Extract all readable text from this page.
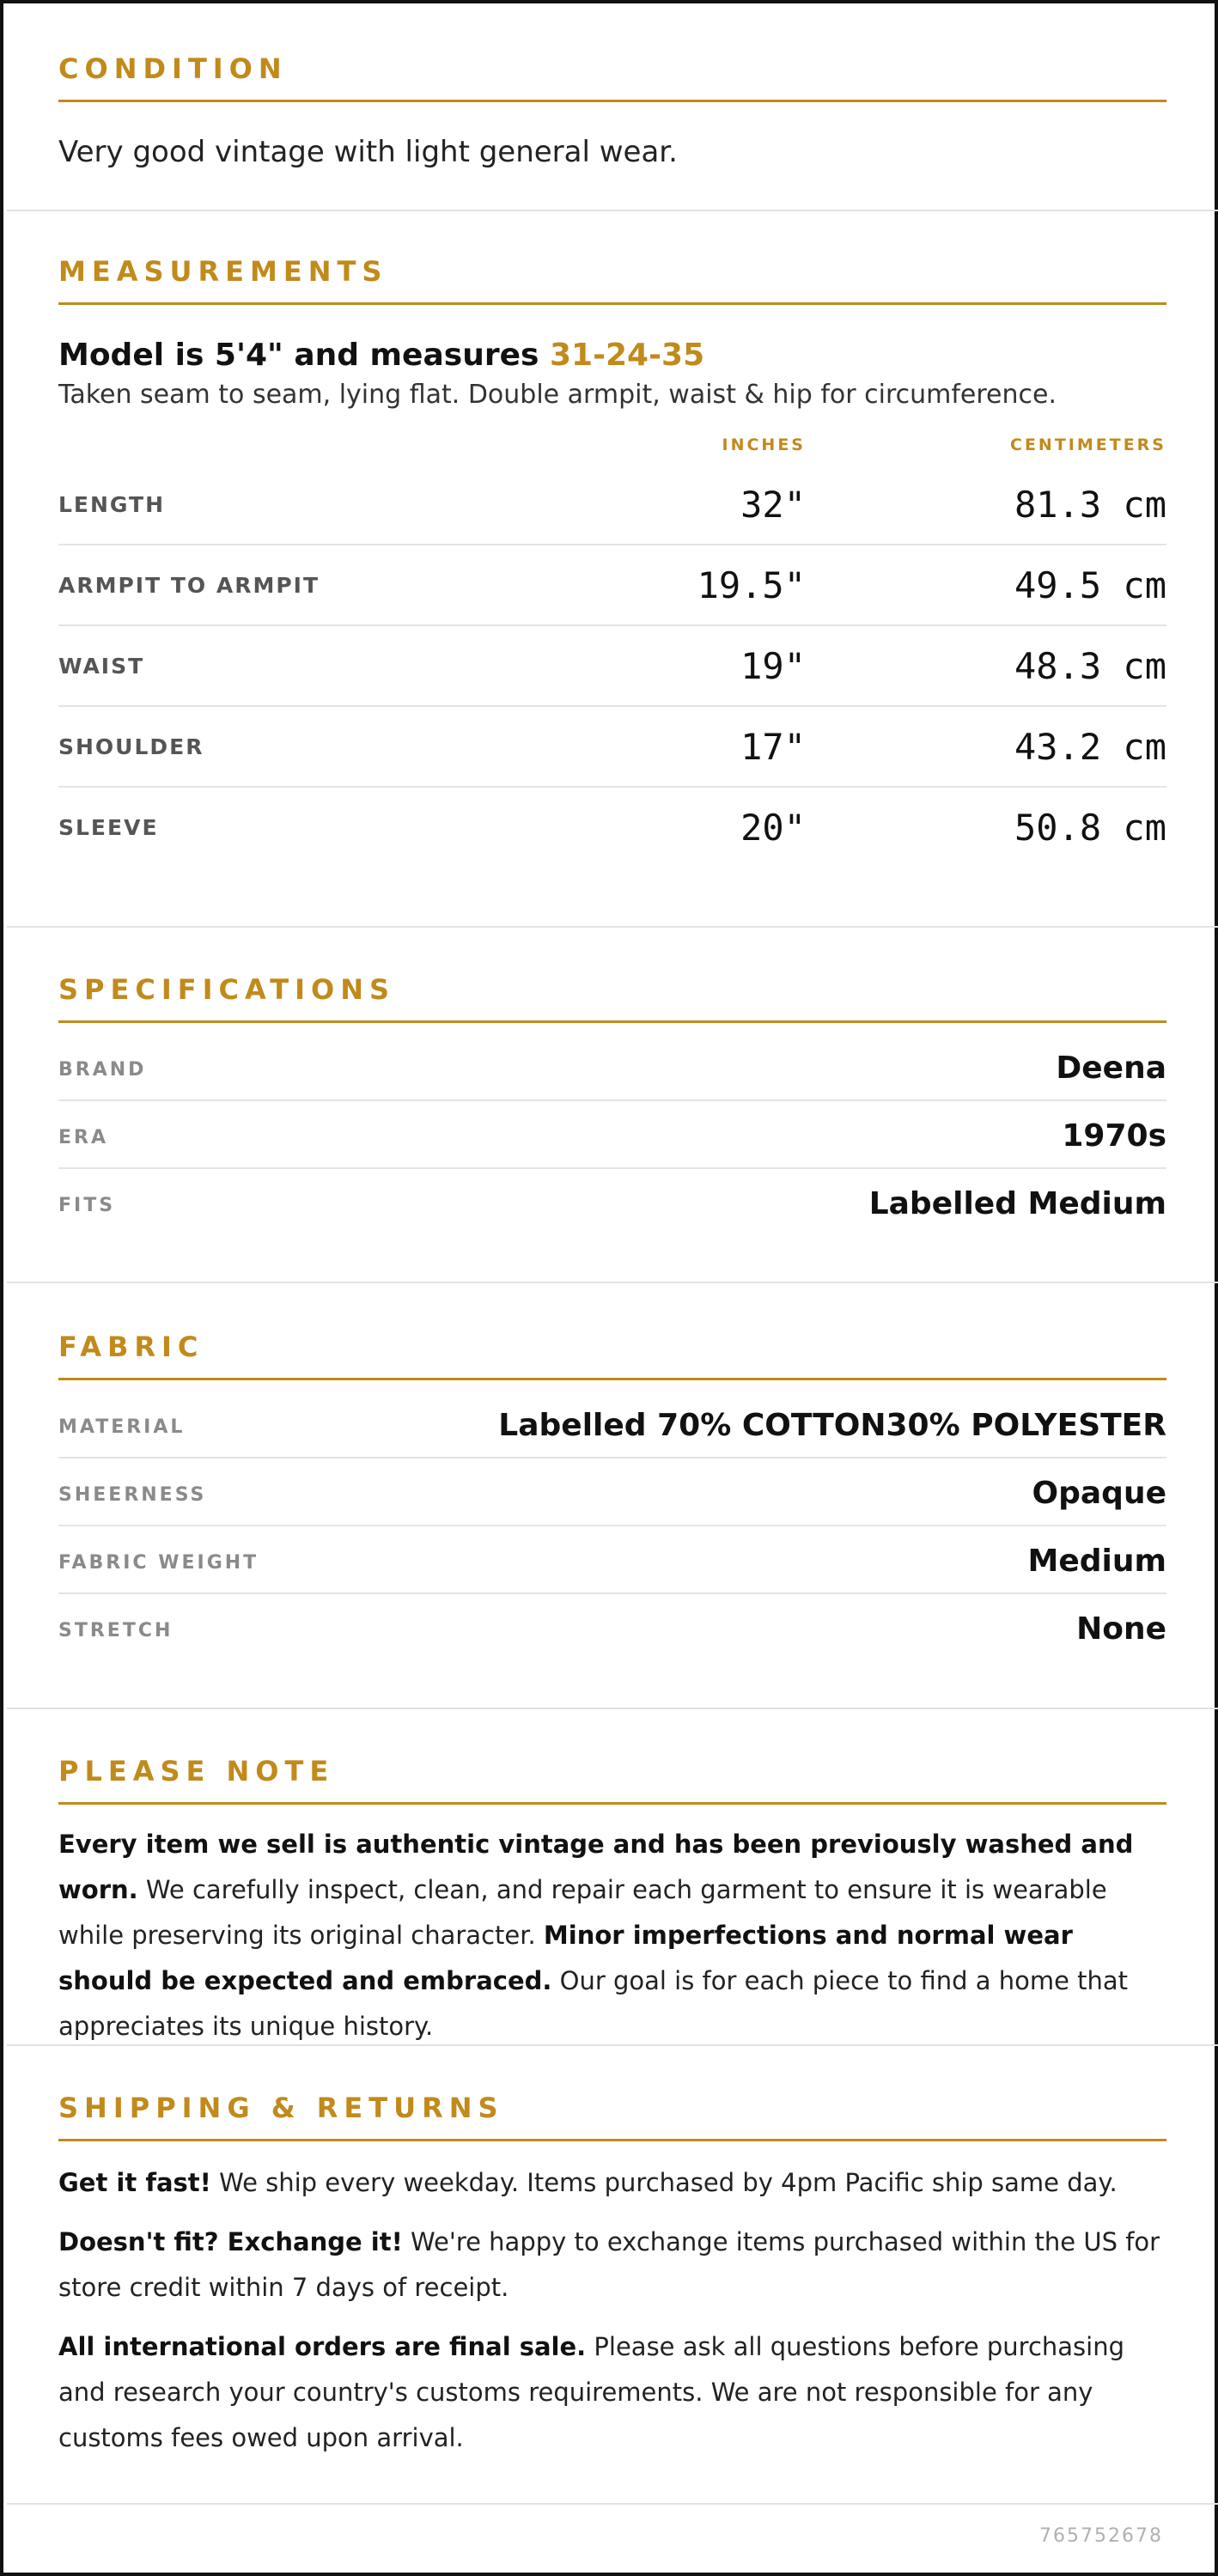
CONDITION
Very good vintage with light general wear.
MEASUREMENTS
Model is 5'4" and measures 31-24-35
Taken seam to seam, lying flat. Double armpit, waist & hip for circumference.
INCHES	CENTIMETERS
LENGTH	32"	81.3 cm
ARMPIT TO ARMPIT	19.5"	49.5 cm
WAIST	19"	48.3 cm
SHOULDER	17"	43.2 cm
SLEEVE	20"	50.8 cm
SPECIFICATIONS
BRAND	Deena
ERA	1970s
FITS	Labelled Medium
FABRIC
MATERIAL	Labelled 70% COTTON30% POLYESTER
SHEERNESS	Opaque
FABRIC WEIGHT	Medium
STRETCH	None
PLEASE NOTE

Every item we sell is authentic vintage and has been previously washed and worn. We carefully inspect, clean, and repair each garment to ensure it is wearable while preserving its original character. Minor imperfections and normal wear should be expected and embraced. Our goal is for each piece to find a home that appreciates its unique history.

SHIPPING & RETURNS

Get it fast! We ship every weekday. Items purchased by 4pm Pacific ship same day.

Doesn't fit? Exchange it! We're happy to exchange items purchased within the US for store credit within 7 days of receipt.

All international orders are final sale. Please ask all questions before purchasing and research your country's customs requirements. We are not responsible for any customs fees owed upon arrival.

765752678
